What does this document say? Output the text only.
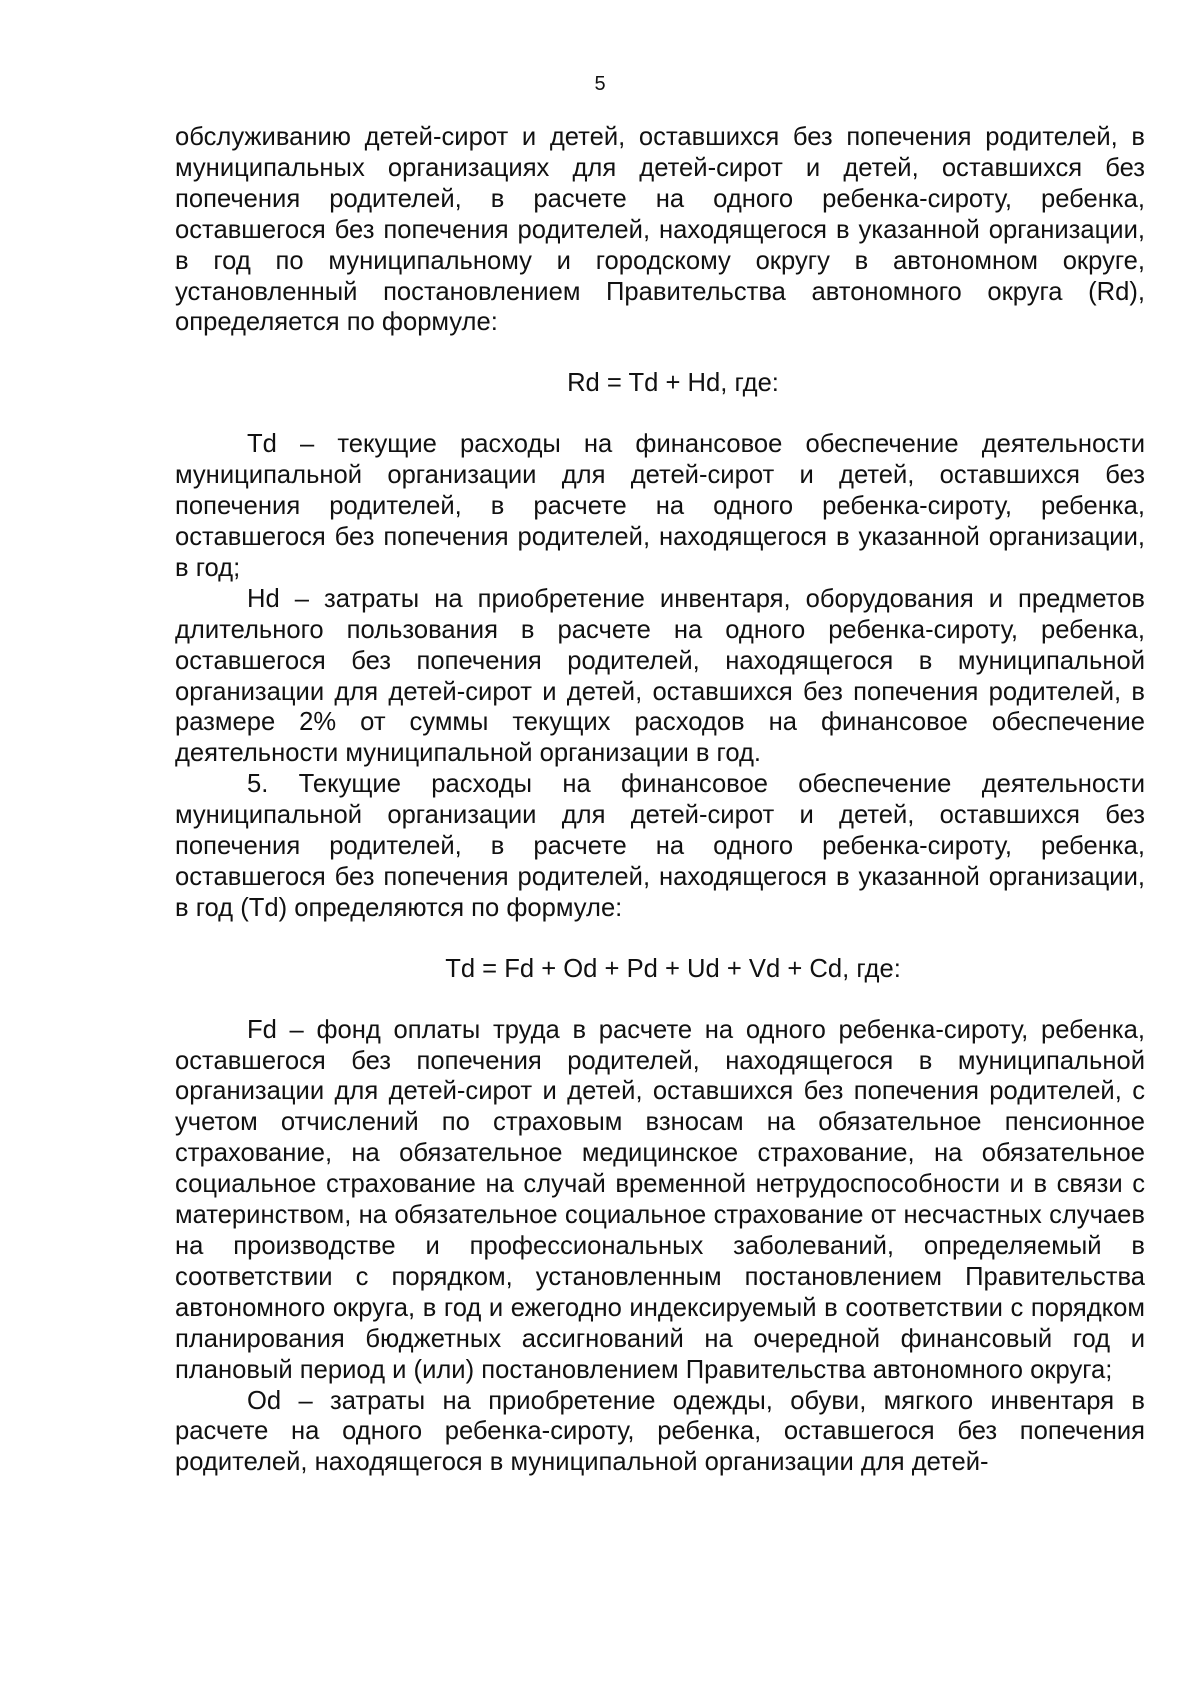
5

обслуживанию детей-сирот и детей, оставшихся без попечения родителей, в муниципальных организациях для детей-сирот и детей, оставшихся без попечения родителей, в расчете на одного ребенка-сироту, ребенка, оставшегося без попечения родителей, находящегося в указанной организации, в год по муниципальному и городскому округу в автономном округе, установленный постановлением Правительства автономного округа (Rd), определяется по формуле:

Rd = Td + Hd, где:

Td – текущие расходы на финансовое обеспечение деятельности муниципальной организации для детей-сирот и детей, оставшихся без попечения родителей, в расчете на одного ребенка-сироту, ребенка, оставшегося без попечения родителей, находящегося в указанной организации, в год;

Hd – затраты на приобретение инвентаря, оборудования и предметов длительного пользования в расчете на одного ребенка-сироту, ребенка, оставшегося без попечения родителей, находящегося в муниципальной организации для детей-сирот и детей, оставшихся без попечения родителей, в размере 2% от суммы текущих расходов на финансовое обеспечение деятельности муниципальной организации в год.

5. Текущие расходы на финансовое обеспечение деятельности муниципальной организации для детей-сирот и детей, оставшихся без попечения родителей, в расчете на одного ребенка-сироту, ребенка, оставшегося без попечения родителей, находящегося в указанной организации, в год (Td) определяются по формуле:

Td = Fd + Od + Pd + Ud + Vd + Cd, где:

Fd – фонд оплаты труда в расчете на одного ребенка-сироту, ребенка, оставшегося без попечения родителей, находящегося в муниципальной организации для детей-сирот и детей, оставшихся без попечения родителей, с учетом отчислений по страховым взносам на обязательное пенсионное страхование, на обязательное медицинское страхование, на обязательное социальное страхование на случай временной нетрудоспособности и в связи с материнством, на обязательное социальное страхование от несчастных случаев на производстве и профессиональных заболеваний, определяемый в соответствии с порядком, установленным постановлением Правительства автономного округа, в год и ежегодно индексируемый в соответствии с порядком планирования бюджетных ассигнований на очередной финансовый год и плановый период и (или) постановлением Правительства автономного округа;

Od – затраты на приобретение одежды, обуви, мягкого инвентаря в расчете на одного ребенка-сироту, ребенка, оставшегося без попечения родителей, находящегося в муниципальной организации для детей-
